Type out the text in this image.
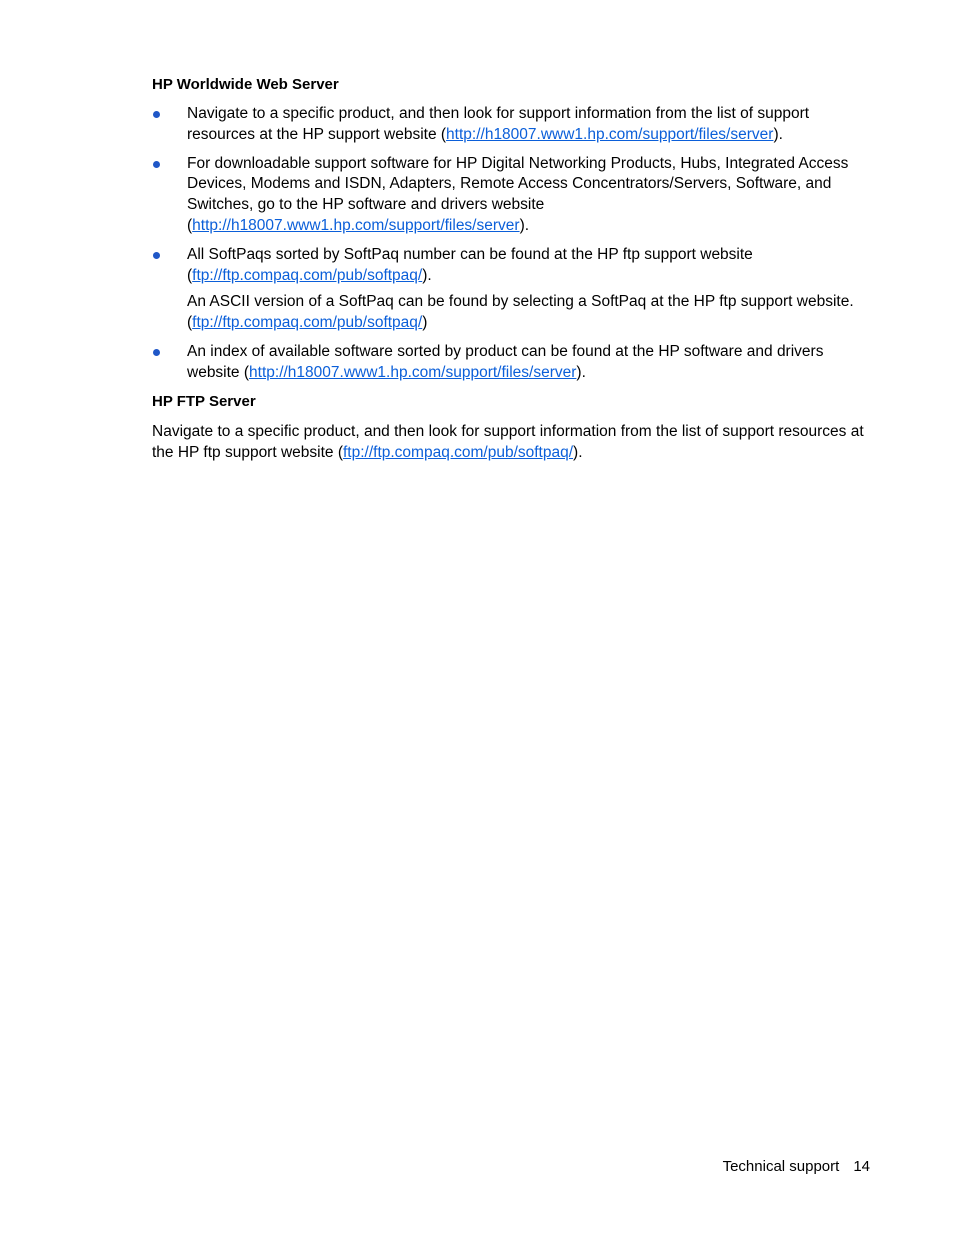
HP Worldwide Web Server
Navigate to a specific product, and then look for support information from the list of support resources at the HP support website (http://h18007.www1.hp.com/support/files/server).
For downloadable support software for HP Digital Networking Products, Hubs, Integrated Access Devices, Modems and ISDN, Adapters, Remote Access Concentrators/Servers, Software, and Switches, go to the HP software and drivers website (http://h18007.www1.hp.com/support/files/server).
All SoftPaqs sorted by SoftPaq number can be found at the HP ftp support website (ftp://ftp.compaq.com/pub/softpaq/).
An ASCII version of a SoftPaq can be found by selecting a SoftPaq at the HP ftp support website. (ftp://ftp.compaq.com/pub/softpaq/)
An index of available software sorted by product can be found at the HP software and drivers website (http://h18007.www1.hp.com/support/files/server).
HP FTP Server

Navigate to a specific product, and then look for support information from the list of support resources at the HP ftp support website (ftp://ftp.compaq.com/pub/softpaq/).

Technical support 14
